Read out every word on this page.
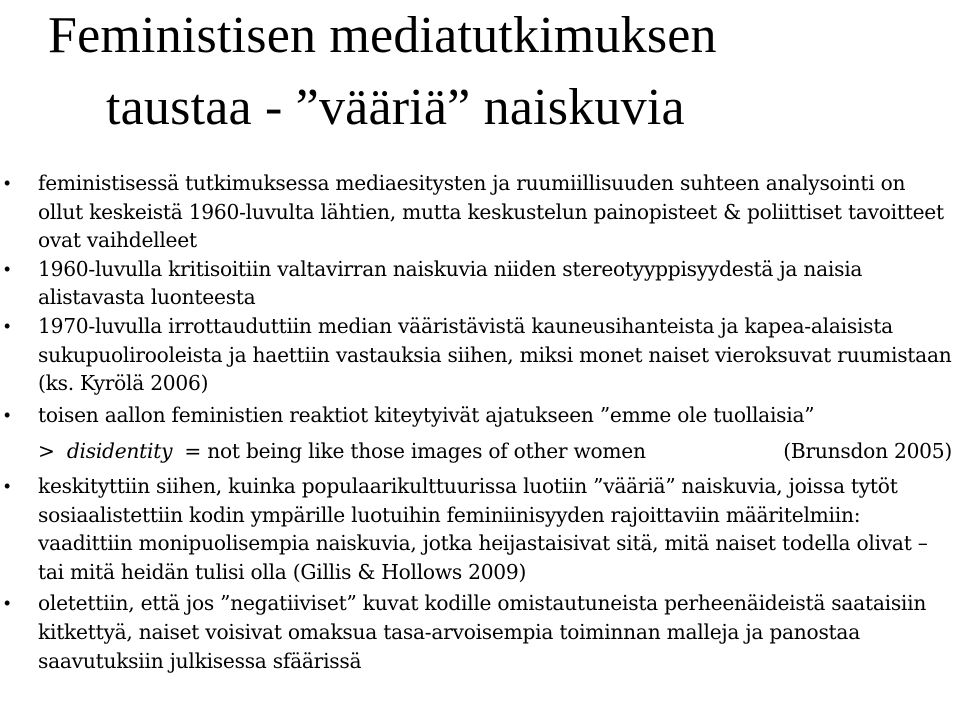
Feministisen mediatutkimuksen
taustaa - ”vääriä” naiskuvia
• feministisessä tutkimuksessa mediaesitysten ja ruumiillisuuden suhteen analysointi on ollut keskeistä 1960-luvulta lähtien, mutta keskustelun painopisteet & poliittiset tavoitteet ovat vaihdelleet
• 1960-luvulla kritisoitiin valtavirran naiskuvia niiden stereotyyppisyydestä ja naisia alistavasta luonteesta
• 1970-luvulla irrottauduttiin median vääristävistä kauneusihanteista ja kapea-alaisista sukupuolirooleista ja haettiin vastauksia siihen, miksi monet naiset vieroksuvat ruumistaan (ks. Kyrölä 2006)
• toisen aallon feministien reaktiot kiteytyivät ajatukseen ”emme ole tuollaisia”
> disidentity = not being like those images of other women	(Brunsdon 2005)
• keskityttiin siihen, kuinka populaarikulttuurissa luotiin ”vääriä” naiskuvia, joissa tytöt sosiaalistettiin kodin ympärille luotuihin feminiinisyyden rajoittaviin määritelmiin: vaadittiin monipuolisempia naiskuvia, jotka heijastaisivat sitä, mitä naiset todella olivat – tai mitä heidän tulisi olla (Gillis & Hollows 2009)
• oletettiin, että jos ”negatiiviset” kuvat kodille omistautuneista perheenäideistä saataisiin kitkettyä, naiset voisivat omaksua tasa-arvoisempia toiminnan malleja ja panostaa saavutuksiin julkisessa sfäärissä
